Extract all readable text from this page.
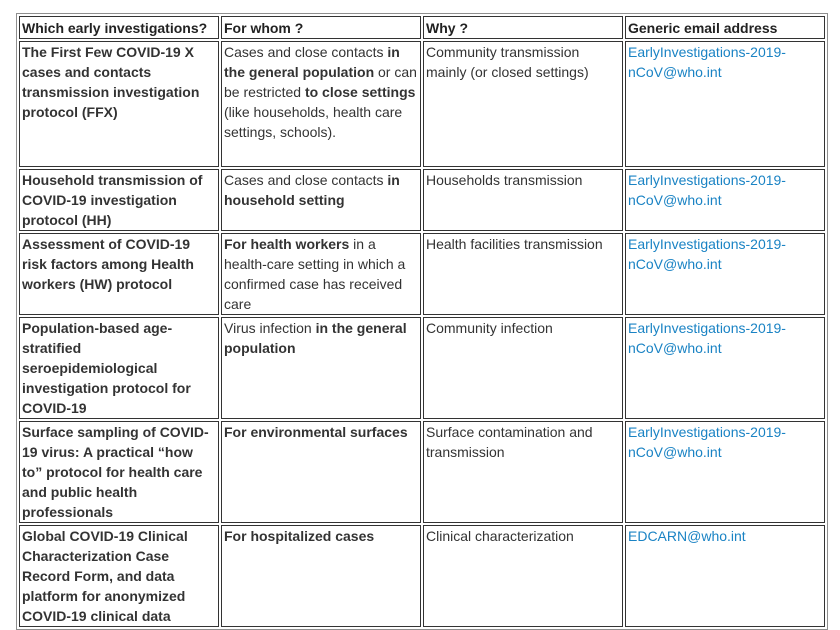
Which early investigations?	For whom ?	Why ?	Generic email address
The First Few COVID-19 X cases and contacts transmission investigation protocol (FFX)	Cases and close contacts in the general population or can be restricted to close settings (like households, health care settings, schools).	Community transmission mainly (or closed settings)	EarlyInvestigations-2019-nCoV@who.int
Household transmission of COVID-19 investigation protocol (HH)	Cases and close contacts in household setting	Households transmission	EarlyInvestigations-2019-nCoV@who.int
Assessment of COVID-19 risk factors among Health workers (HW) protocol	For health workers in a health-care setting in which a confirmed case has received care	Health facilities transmission	EarlyInvestigations-2019-nCoV@who.int
Population-based age-stratified seroepidemiological investigation protocol for COVID-19	Virus infection in the general population	Community infection	EarlyInvestigations-2019-nCoV@who.int
Surface sampling of COVID-19 virus: A practical “how to” protocol for health care and public health professionals	For environmental surfaces	Surface contamination and transmission	EarlyInvestigations-2019-nCoV@who.int
Global COVID-19 Clinical Characterization Case Record Form, and data platform for anonymized COVID-19 clinical data	For hospitalized cases	Clinical characterization	EDCARN@who.int
